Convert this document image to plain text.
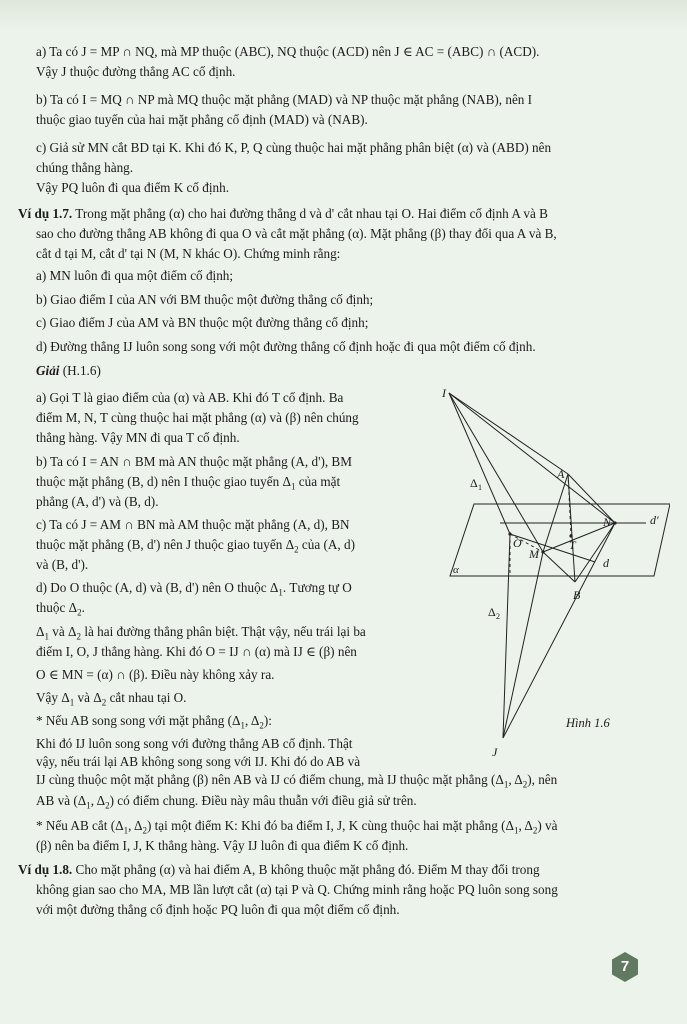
a) Ta có J = MP ∩ NQ, mà MP thuộc (ABC), NQ thuộc (ACD) nên J ∈ AC = (ABC) ∩ (ACD).

Vậy J thuộc đường thẳng AC cố định.

b) Ta có I = MQ ∩ NP mà MQ thuộc mặt phẳng (MAD) và NP thuộc mặt phẳng (NAB), nên I

thuộc giao tuyến của hai mặt phẳng cố định (MAD) và (NAB).

c) Giả sử MN cắt BD tại K. Khi đó K, P, Q cùng thuộc hai mặt phẳng phân biệt (α) và (ABD) nên

chúng thẳng hàng.

Vậy PQ luôn đi qua điểm K cố định.

Ví dụ 1.7. Trong mặt phẳng (α) cho hai đường thẳng d và d' cắt nhau tại O. Hai điểm cố định A và B

sao cho đường thẳng AB không đi qua O và cắt mặt phẳng (α). Mặt phẳng (β) thay đổi qua A và B,

cắt d tại M, cắt d' tại N (M, N khác O). Chứng minh rằng:

a) MN luôn đi qua một điểm cố định;

b) Giao điểm I của AN với BM thuộc một đường thẳng cố định;

c) Giao điểm J của AM và BN thuộc một đường thẳng cố định;

d) Đường thẳng IJ luôn song song với một đường thẳng cố định hoặc đi qua một điểm cố định.

Giải (H.1.6)

a) Gọi T là giao điểm của (α) và AB. Khi đó T cố định. Ba

điểm M, N, T cùng thuộc hai mặt phẳng (α) và (β) nên chúng

thẳng hàng. Vậy MN đi qua T cố định.

b) Ta có I = AN ∩ BM mà AN thuộc mặt phẳng (A, d'), BM

thuộc mặt phẳng (B, d) nên I thuộc giao tuyến $\Delta_1$ của mặt

phẳng (A, d') và (B, d).

c) Ta có J = AM ∩ BN mà AM thuộc mặt phẳng (A, d), BN

thuộc mặt phẳng (B, d') nên J thuộc giao tuyến $\Delta_2$ của (A, d)

và (B, d').

d) Do O thuộc (A, d) và (B, d') nên O thuộc $\Delta_1$. Tương tự O

thuộc $\Delta_2$.

$\Delta_1$ và $\Delta_2$ là hai đường thẳng phân biệt. Thật vậy, nếu trái lại ba

điểm I, O, J thẳng hàng. Khi đó O = IJ ∩ (α) mà IJ ∈ (β) nên

O ∈ MN = (α) ∩ (β). Điều này không xảy ra.

Vậy $\Delta_1$ và $\Delta_2$ cắt nhau tại O.

* Nếu AB song song với mặt phẳng ($\Delta_1$, $\Delta_2$):

Khi đó IJ luôn song song với đường thẳng AB cố định. Thật

vậy, nếu trái lại AB không song song với IJ. Khi đó do AB và

IJ cùng thuộc một mặt phẳng (β) nên AB và IJ có điểm chung, mà IJ thuộc mặt phẳng ($\Delta_1$, $\Delta_2$), nên

AB và ($\Delta_1$, $\Delta_2$) có điểm chung. Điều này mâu thuẫn với điều giả sử trên.

* Nếu AB cắt ($\Delta_1$, $\Delta_2$) tại một điểm K: Khi đó ba điểm I, J, K cùng thuộc hai mặt phẳng ($\Delta_1$, $\Delta_2$) và

(β) nên ba điểm I, J, K thẳng hàng. Vậy IJ luôn đi qua điểm K cố định.

Ví dụ 1.8. Cho mặt phẳng (α) và hai điểm A, B không thuộc mặt phẳng đó. Điểm M thay đổi trong

không gian sao cho MA, MB lần lượt cắt (α) tại P và Q. Chứng minh rằng hoặc PQ luôn song song

với một đường thẳng cố định hoặc PQ luôn đi qua một điểm cố định.

I
A
N	d'
O
M
T
d
α
B
J
Δ 1
Δ 2
Hình 1.6
7
